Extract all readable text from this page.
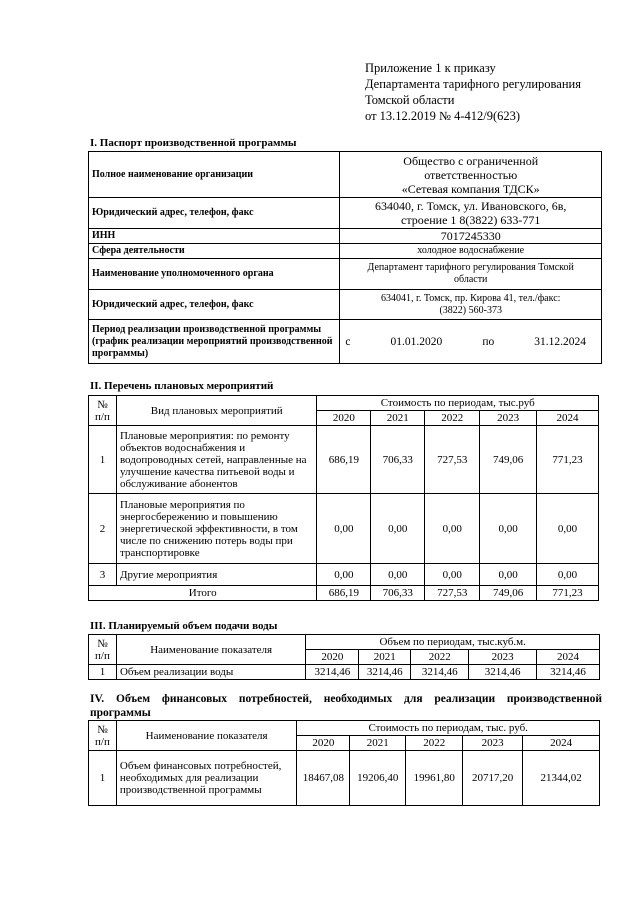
Приложение 1 к приказу
Департамента тарифного регулирования
Томской области
от 13.12.2019 № 4-412/9(623)
I. Паспорт производственной программы
Полное наименование организации	Общество с ограниченной
ответственностью
«Сетевая компания ТДСК»

Юридический адрес, телефон, факс	634040, г. Томск, ул. Ивановского, 6в,
строение 1 8(3822) 633-771

ИНН	7017245330
Сфера деятельности	холодное водоснабжение
Наименование уполномоченного органа	Департамент тарифного регулирования Томской
области

Юридический адрес, телефон, факс	634041, г. Томск, пр. Кирова 41, тел./факс:
(3822) 560-373

Период реализации производственной программы (график реализации мероприятий производственной программы)	с 01.01.2020 по 31.12.2024
II. Перечень плановых мероприятий
№ п/п	Вид плановых мероприятий	Стоимость по периодам, тыс.руб				
		2020	2021	2022	2023	2024
1	Плановые мероприятия: по ремонту объектов водоснабжения и водопроводных сетей, направленные на улучшение качества питьевой воды и обслуживание абонентов	686,19	706,33	727,53	749,06	771,23
2	Плановые мероприятия по энергосбережению и повышению энергетической эффективности, в том числе по снижению потерь воды при транспортировке	0,00	0,00	0,00	0,00	0,00
3	Другие мероприятия	0,00	0,00	0,00	0,00	0,00
Итого		686,19	706,33	727,53	749,06	771,23
III. Планируемый объем подачи воды
№ п/п	Наименование показателя	Объем по периодам, тыс.куб.м.				
		2020	2021	2022	2023	2024
1	Объем реализации воды	3214,46	3214,46	3214,46	3214,46	3214,46
IV. Объем финансовых потребностей, необходимых для реализации производственной программы
№ п/п	Наименование показателя	Стоимость по периодам, тыс. руб.				
		2020	2021	2022	2023	2024
1	Объем финансовых потребностей, необходимых для реализации производственной программы	18467,08	19206,40	19961,80	20717,20	21344,02
